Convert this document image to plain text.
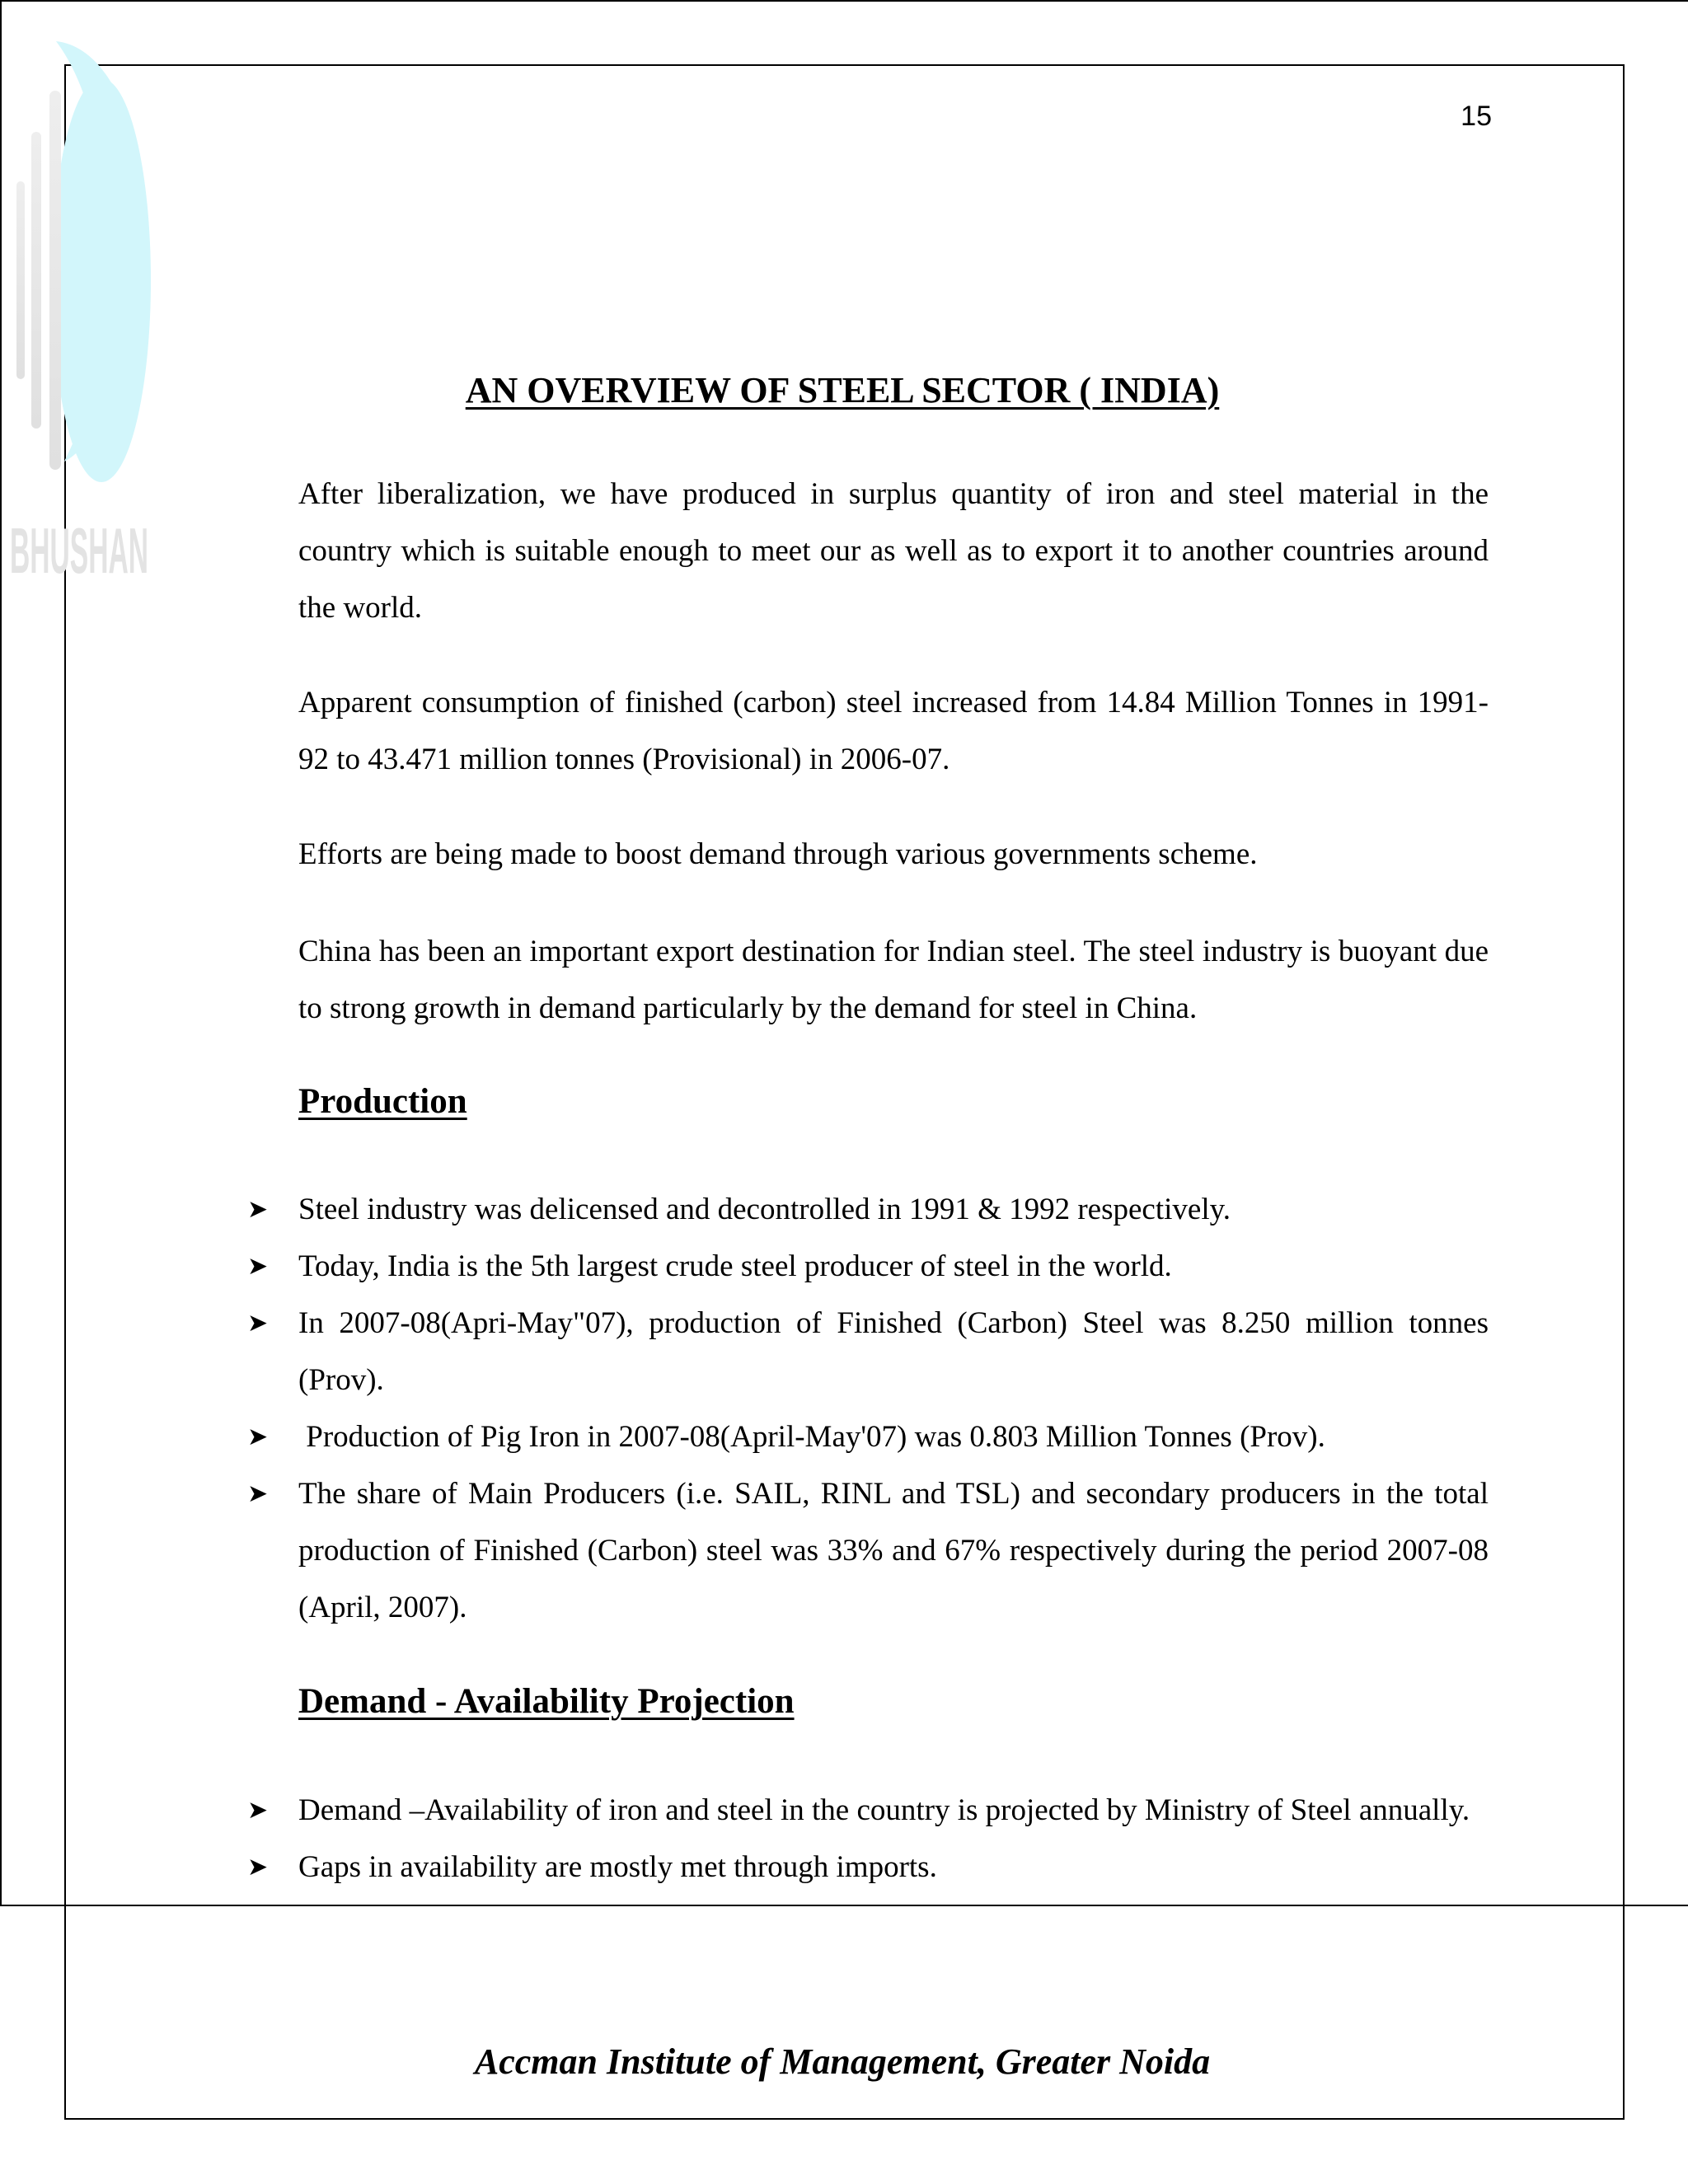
BHUSHAN
15
AN OVERVIEW OF STEEL SECTOR ( INDIA)
After liberalization, we have produced in surplus quantity of iron and steel material in the country which is suitable enough to meet our as well as to export it to another countries around the world.
Apparent consumption of finished (carbon) steel increased from 14.84 Million Tonnes in 1991-92 to 43.471 million tonnes (Provisional) in 2006-07.
Efforts are being made to boost demand through various governments scheme.
China has been an important export destination for Indian steel. The steel industry is buoyant due to strong growth in demand particularly by the demand for steel in China.
Production
➤ Steel industry was delicensed and decontrolled in 1991 & 1992 respectively.
➤ Today, India is the 5th largest crude steel producer of steel in the world.
➤ In 2007-08(Apri-May"07), production of Finished (Carbon) Steel was 8.250 million tonnes (Prov).
➤ Production of Pig Iron in 2007-08(April-May'07) was 0.803 Million Tonnes (Prov).
➤ The share of Main Producers (i.e. SAIL, RINL and TSL) and secondary producers in the total production of Finished (Carbon) steel was 33% and 67% respectively during the period 2007-08 (April, 2007).
Demand - Availability Projection
➤ Demand –Availability of iron and steel in the country is projected by Ministry of Steel annually.
➤ Gaps in availability are mostly met through imports.
Accman Institute of Management, Greater Noida
